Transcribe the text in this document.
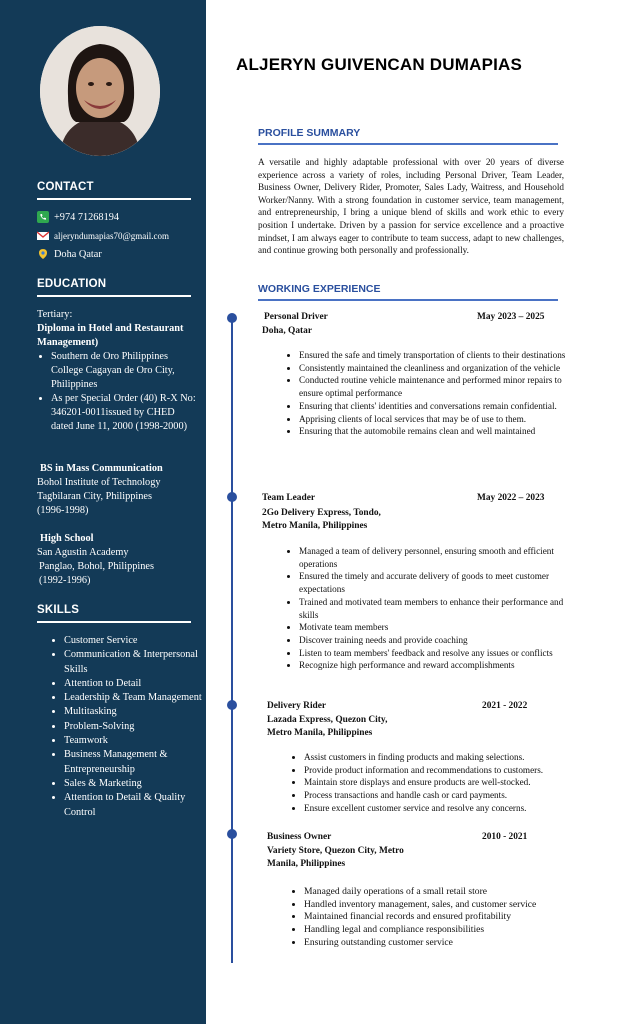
CONTACT
+974 71268194
aljeryndumapias70@gmail.com
Doha Qatar
EDUCATION
Tertiary:
Diploma in Hotel and Restaurant Management)
• Southern de Oro Philippines College Cagayan de Oro City, Philippines
• As per Special Order (40) R-X No: 346201-0011issued by CHED dated June 11, 2000 (1998-2000)
BS in Mass Communication
Bohol Institute of Technology Tagbilaran City, Philippines
(1996-1998)
High School
San Agustin Academy
Panglao, Bohol, Philippines
(1992-1996)
SKILLS
• Customer Service
• Communication & Interpersonal Skills
• Attention to Detail
• Leadership & Team Management
• Multitasking
• Problem-Solving
• Teamwork
• Business Management & Entrepreneurship
• Sales & Marketing
• Attention to Detail & Quality Control
ALJERYN GUIVENCAN DUMAPIAS
PROFILE SUMMARY
A versatile and highly adaptable professional with over 20 years of diverse experience across a variety of roles, including Personal Driver, Team Leader, Business Owner, Delivery Rider, Promoter, Sales Lady, Waitress, and Household Worker/Nanny. With a strong foundation in customer service, team management, and entrepreneurship, I bring a unique blend of skills and work ethic to every position I undertake. Driven by a passion for service excellence and a proactive mindset, I am always eager to contribute to team success, adapt to new challenges, and continue growing both personally and professionally.
WORKING EXPERIENCE
Personal Driver	May 2023 – 2025
Doha, Qatar
• Ensured the safe and timely transportation of clients to their destinations
• Consistently maintained the cleanliness and organization of the vehicle
• Conducted routine vehicle maintenance and performed minor repairs to ensure optimal performance
• Ensuring that clients' identities and conversations remain confidential.
• Apprising clients of local services that may be of use to them.
• Ensuring that the automobile remains clean and well maintained
Team Leader	May 2022 – 2023
2Go Delivery Express, Tondo, Metro Manila, Philippines
• Managed a team of delivery personnel, ensuring smooth and efficient operations
• Ensured the timely and accurate delivery of goods to meet customer expectations
• Trained and motivated team members to enhance their performance and skills
• Motivate team members
• Discover training needs and provide coaching
• Listen to team members' feedback and resolve any issues or conflicts
• Recognize high performance and reward accomplishments
Delivery Rider	2021 - 2022
Lazada Express, Quezon City, Metro Manila, Philippines
• Assist customers in finding products and making selections.
• Provide product information and recommendations to customers.
• Maintain store displays and ensure products are well-stocked.
• Process transactions and handle cash or card payments.
• Ensure excellent customer service and resolve any concerns.
Business Owner	2010 - 2021
Variety Store, Quezon City, Metro Manila, Philippines
• Managed daily operations of a small retail store
• Handled inventory management, sales, and customer service
• Maintained financial records and ensured profitability
• Handling legal and compliance responsibilities
• Ensuring outstanding customer service
